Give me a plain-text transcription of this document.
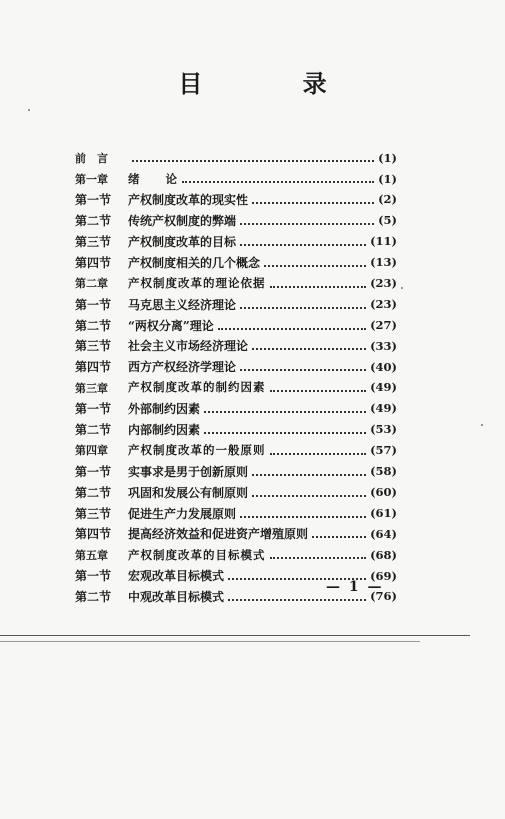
目 录
前　言	(1)
第一章	绪　　论	(1)
第一节	产权制度改革的现实性	(2)
第二节	传统产权制度的弊端	(5)
第三节	产权制度改革的目标	(11)
第四节	产权制度相关的几个概念	(13)
第二章	产权制度改革的理论依据	(23)
第一节	马克思主义经济理论	(23)
第二节	“两权分离”理论	(27)
第三节	社会主义市场经济理论	(33)
第四节	西方产权经济学理论	(40)
第三章	产权制度改革的制约因素	(49)
第一节	外部制约因素	(49)
第二节	内部制约因素	(53)
第四章	产权制度改革的一般原则	(57)
第一节	实事求是男于创新原则	(58)
第二节	巩固和发展公有制原则	(60)
第三节	促进生产力发展原则	(61)
第四节	提高经济效益和促进资产增殖原则	(64)
第五章	产权制度改革的目标模式	(68)
第一节	宏观改革目标模式	(69)
第二节	中观改革目标模式	(76)
— 1 —
